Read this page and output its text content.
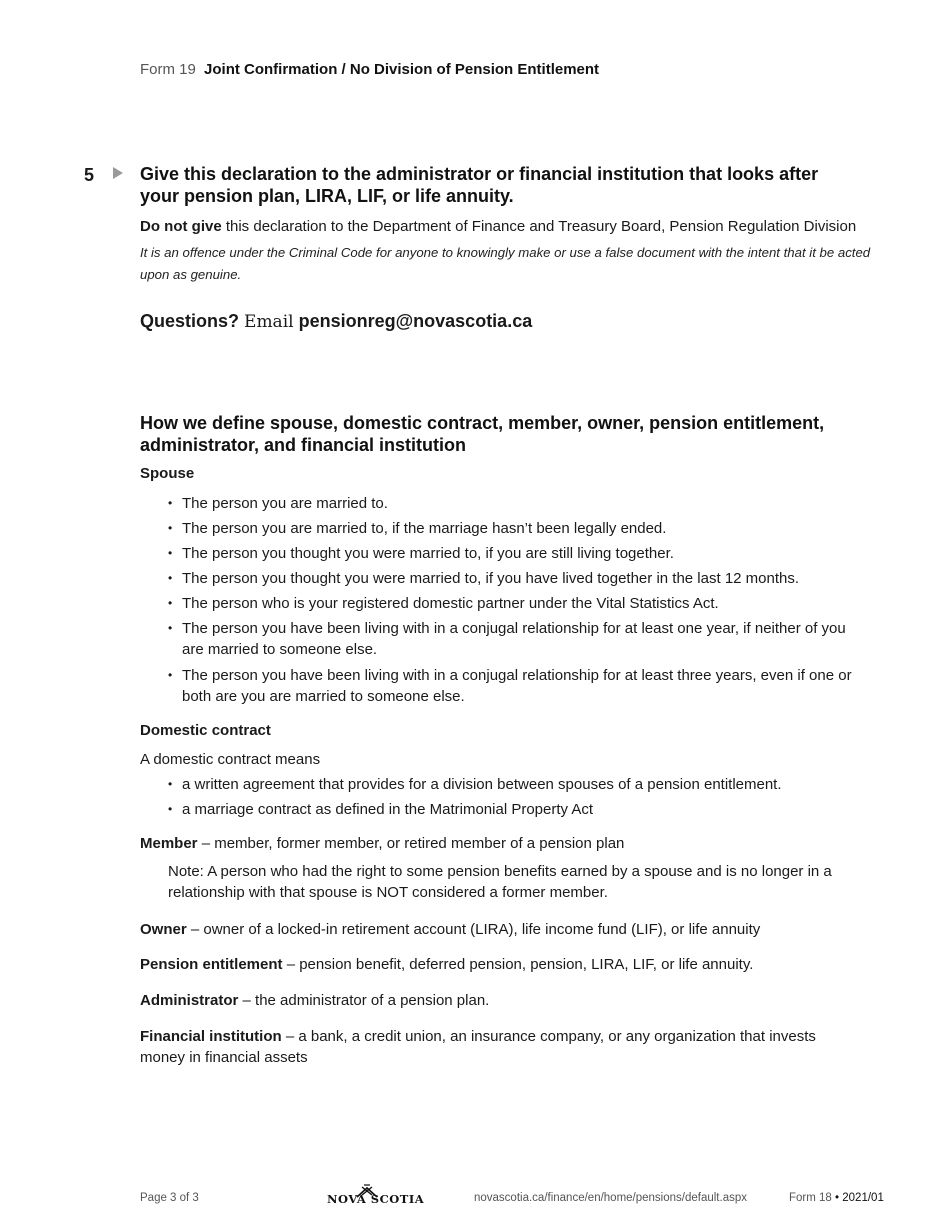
Form 19 Joint Confirmation / No Division of Pension Entitlement
5	Give this declaration to the administrator or financial institution that looks after your pension plan, LIRA, LIF, or life annuity.
Do not give this declaration to the Department of Finance and Treasury Board, Pension Regulation Division
It is an offence under the Criminal Code for anyone to knowingly make or use a false document with the intent that it be acted upon as genuine.
Questions? Email pensionreg@novascotia.ca
How we define spouse, domestic contract, member, owner, pension entitlement, administrator, and financial institution
Spouse
• The person you are married to.
• The person you are married to, if the marriage hasn’t been legally ended.
• The person you thought you were married to, if you are still living together.
• The person you thought you were married to, if you have lived together in the last 12 months.
• The person who is your registered domestic partner under the Vital Statistics Act.
• The person you have been living with in a conjugal relationship for at least one year, if neither of you are married to someone else.
• The person you have been living with in a conjugal relationship for at least three years, even if one or both are you are married to someone else.
Domestic contract
A domestic contract means
• a written agreement that provides for a division between spouses of a pension entitlement.
• a marriage contract as defined in the Matrimonial Property Act
Member – member, former member, or retired member of a pension plan
Note: A person who had the right to some pension benefits earned by a spouse and is no longer in a relationship with that spouse is NOT considered a former member.
Owner – owner of a locked-in retirement account (LIRA), life income fund (LIF), or life annuity
Pension entitlement – pension benefit, deferred pension, pension, LIRA, LIF, or life annuity.
Administrator – the administrator of a pension plan.
Financial institution – a bank, a credit union, an insurance company, or any organization that invests money in financial assets
Page 3 of 3	NOVA SCOTIA	novascotia.ca/finance/en/home/pensions/default.aspx	Form 18 • 2021/01
